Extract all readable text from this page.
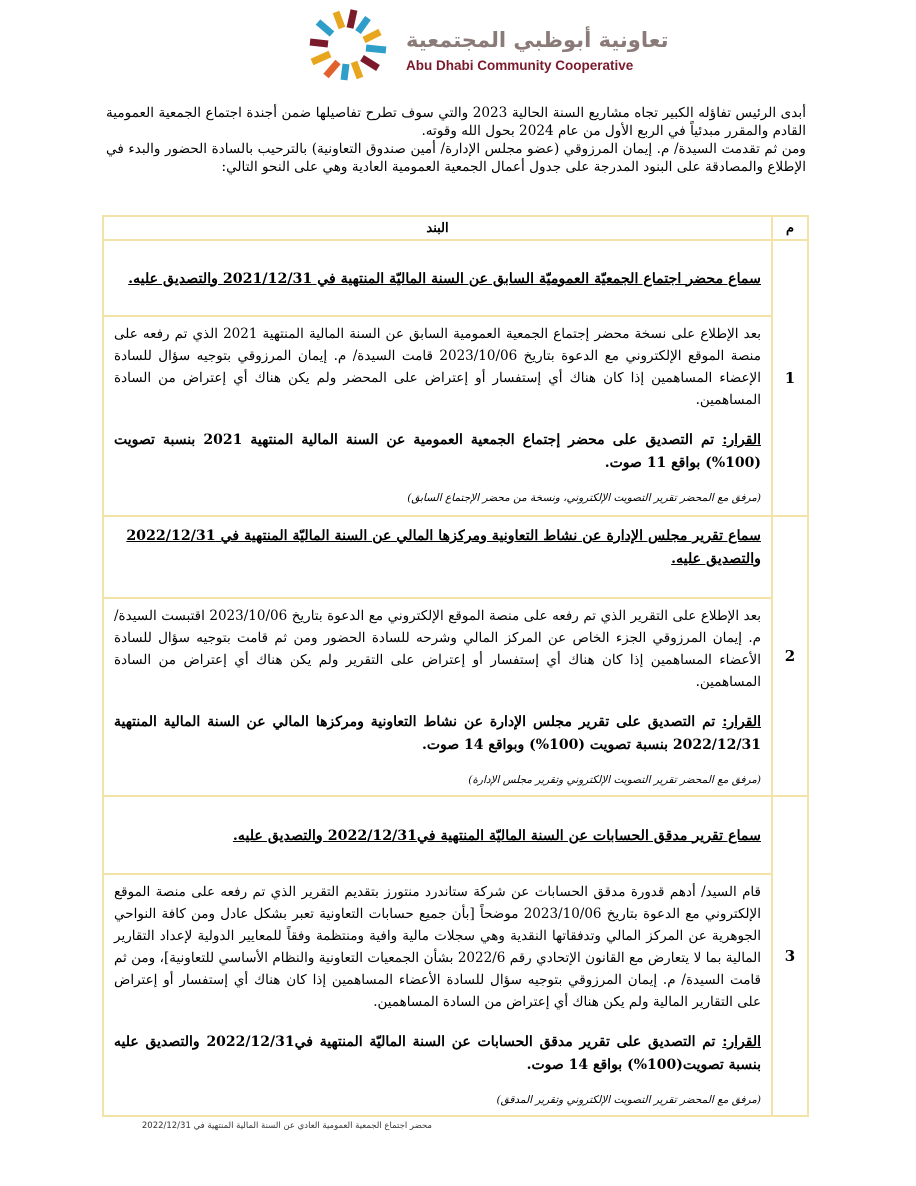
تعاونية أبوظبي المجتمعية
Abu Dhabi Community Cooperative

أبدى الرئيس تفاؤله الكبير تجاه مشاريع السنة الحالية 2023 والتي سوف تطرح تفاصيلها ضمن أجندة اجتماع الجمعية العمومية القادم والمقرر مبدئياً في الربع الأول من عام 2024 بحول الله وقوته.

ومن ثم تقدمت السيدة/ م. إيمان المرزوقي (عضو مجلس الإدارة/ أمين صندوق التعاونية) بالترحيب بالسادة الحضور والبدء في الإطلاع والمصادقة على البنود المدرجة على جدول أعمال الجمعية العمومية العادية وهي على النحو التالي:

م	البند
1	سماع محضر اجتماع الجمعيّة العموميّة السابق عن السنة الماليّة المنتهية في 2021/12/31 والتصديق عليه.

	بعد الإطلاع على نسخة محضر إجتماع الجمعية العمومية السابق عن السنة المالية المنتهية 2021 الذي تم رفعه على منصة الموقع الإلكتروني مع الدعوة بتاريخ 2023/10/06 قامت السيدة/ م. إيمان المرزوقي بتوجيه سؤال للسادة الإعضاء المساهمين إذا كان هناك أي إستفسار أو إعتراض على المحضر ولم يكن هناك أي إعتراض من السادة المساهمين.

القرار: تم التصديق على محضر إجتماع الجمعية العمومية عن السنة المالية المنتهية 2021 بنسبة تصويت (100%) بواقع 11 صوت.

(مرفق مع المحضر تقرير التصويت الإلكتروني، ونسخة من محضر الإجتماع السابق)

2	سماع تقرير مجلس الإدارة عن نشاط التعاونية ومركزها المالي عن السنة الماليّة المنتهية في 2022/12/31 والتصديق عليه.

	بعد الإطلاع على التقرير الذي تم رفعه على منصة الموقع الإلكتروني مع الدعوة بتاريخ 2023/10/06 اقتبست السيدة/ م. إيمان المرزوقي الجزء الخاص عن المركز المالي وشرحه للسادة الحضور ومن ثم قامت بتوجيه سؤال للسادة الأعضاء المساهمين إذا كان هناك أي إستفسار أو إعتراض على التقرير ولم يكن هناك أي إعتراض من السادة المساهمين.

القرار: تم التصديق على تقرير مجلس الإدارة عن نشاط التعاونية ومركزها المالي عن السنة المالية المنتهية 2022/12/31 بنسبة تصويت (100%) وبواقع 14 صوت.

(مرفق مع المحضر تقرير التصويت الإلكتروني وتقرير مجلس الإدارة)

3	سماع تقرير مدقق الحسابات عن السنة الماليّة المنتهية في2022/12/31 والتصديق عليه.

	قام السيد/ أدهم قدورة مدقق الحسابات عن شركة ستاندرد منتورز بتقديم التقرير الذي تم رفعه على منصة الموقع الإلكتروني مع الدعوة بتاريخ 2023/10/06 موضحاً [بأن جميع حسابات التعاونية تعبر بشكل عادل ومن كافة النواحي الجوهرية عن المركز المالي وتدفقاتها النقدية وهي سجلات مالية وافية ومنتظمة وفقاً للمعايير الدولية لإعداد التقارير المالية بما لا يتعارض مع القانون الإتحادي رقم 2022/6 بشأن الجمعيات التعاونية والنظام الأساسي للتعاونية]، ومن ثم قامت السيدة/ م. إيمان المرزوقي بتوجيه سؤال للسادة الأعضاء المساهمين إذا كان هناك أي إستفسار أو إعتراض على التقارير المالية ولم يكن هناك أي إعتراض من السادة المساهمين.

القرار: تم التصديق على تقرير مدقق الحسابات عن السنة الماليّة المنتهية في2022/12/31 والتصديق عليه بنسبة تصويت(100%) بواقع 14 صوت.

(مرفق مع المحضر تقرير التصويت الإلكتروني وتقرير المدقق)

محضر اجتماع الجمعية العمومية العادي عن السنة المالية المنتهية في 2022/12/31
